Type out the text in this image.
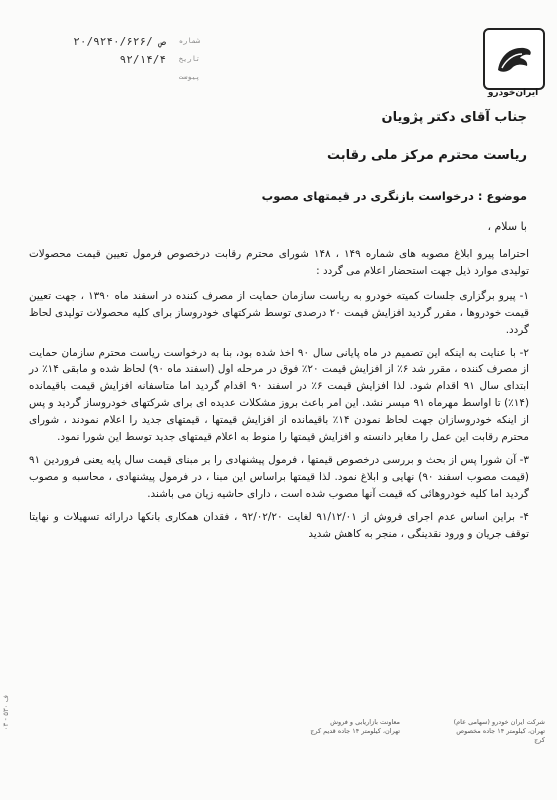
ایران‌خودرو
۲۰/۹۲۴۰/۶۲۶/ ص	شماره
۹۲/۱۴/۴	تاریخ
پیوست
جناب آقای دکتر پژویان
ریاست محترم مرکز ملی رقابت
موضوع : درخواست بازنگری در قیمتهای مصوب
با سلام ،

احتراما پیرو ابلاغ مصوبه های شماره ۱۴۹ ، ۱۴۸ شورای محترم رقابت درخصوص فرمول تعیین قیمت محصولات تولیدی موارد ذیل جهت استحضار اعلام می گردد :

۱- پیرو برگزاری جلسات کمیته خودرو به ریاست سازمان حمایت از مصرف کننده در اسفند ماه ۱۳۹۰ ، جهت تعیین قیمت خودروها ، مقرر گردید افزایش قیمت ۲۰ درصدی توسط شرکتهای خودروساز برای کلیه محصولات تولیدی لحاظ گردد.

۲- با عنایت به اینکه این تصمیم در ماه پایانی سال ۹۰ اخذ شده بود، بنا به درخواست ریاست محترم سازمان حمایت از مصرف کننده ، مقرر شد ۶٪ از افزایش قیمت ۲۰٪ فوق در مرحله اول (اسفند ماه ۹۰) لحاظ شده و مابقی ۱۴٪ در ابتدای سال ۹۱ اقدام شود. لذا افزایش قیمت ۶٪ در اسفند ۹۰ اقدام گردید اما متاسفانه افزایش قیمت باقیمانده (۱۴٪) تا اواسط مهرماه ۹۱ میسر نشد. این امر باعث بروز مشکلات عدیده ای برای شرکتهای خودروساز گردید و پس از اینکه خودروسازان جهت لحاظ نمودن ۱۴٪ باقیمانده از افزایش قیمتها ، قیمتهای جدید را اعلام نمودند ، شورای محترم رقابت این عمل را مغایر دانسته و افزایش قیمتها را منوط به اعلام قیمتهای جدید توسط این شورا نمود.

۳- آن شورا پس از بحث و بررسی درخصوص قیمتها ، فرمول پیشنهادی را بر مبنای قیمت سال پایه یعنی فروردین ۹۱ (قیمت مصوب اسفند ۹۰) نهایی و ابلاغ نمود. لذا قیمتها براساس این مبنا ، در فرمول پیشنهادی ، محاسبه و مصوب گردید اما کلیه خودروهائی که قیمت آنها مصوب شده است ، دارای حاشیه زیان می باشند.

۴- براین اساس عدم اجرای فروش از ۹۱/۱۲/۰۱ لغایت ۹۲/۰۲/۲۰ ، فقدان همکاری بانکها درارائه تسهیلات و نهایتا توقف جریان و ورود نقدینگی ، منجر به کاهش شدید

معاونت بازاریابی و فروش
تهران، کیلومتر ۱۴ جاده قدیم کرج
شرکت ایران خودرو (سهامی عام)
تهران، کیلومتر ۱۴ جاده مخصوص کرج
ف ۵۳۰ - ۰۳
